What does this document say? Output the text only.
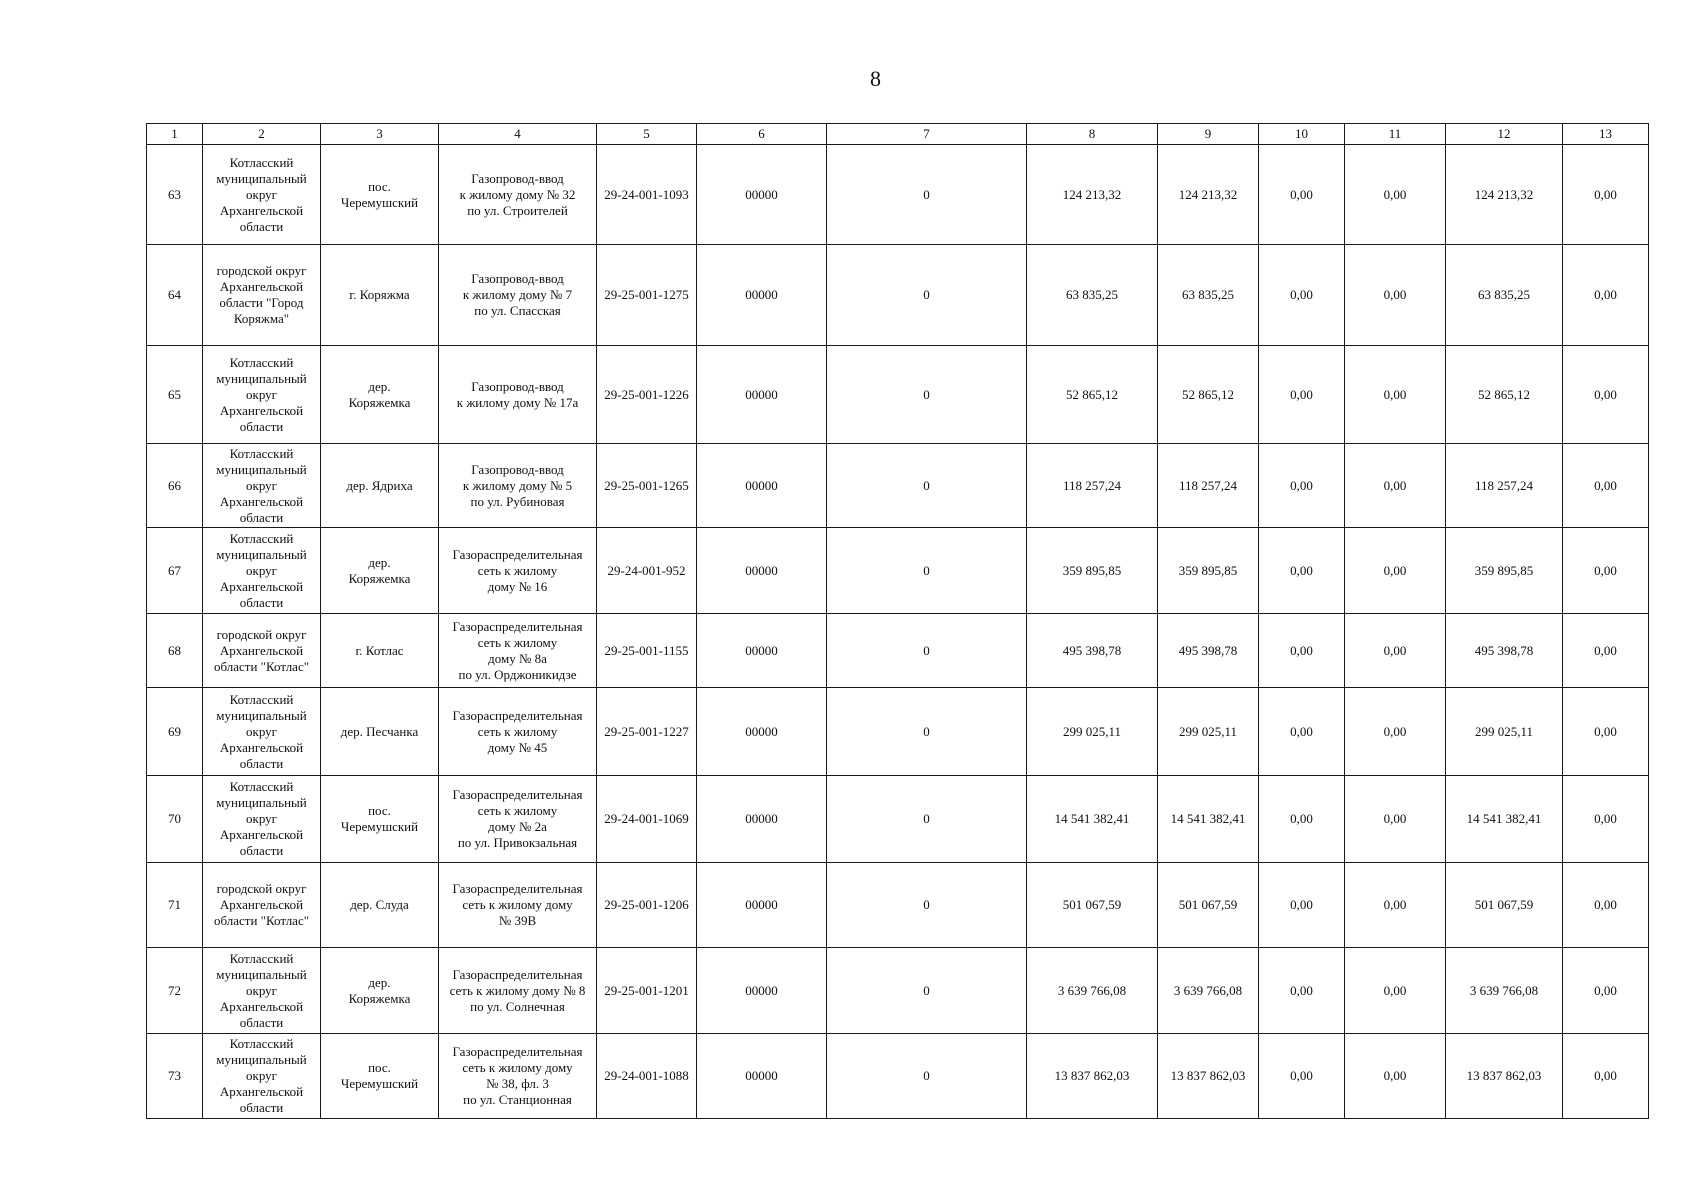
8
1	2	3	4	5	6	7	8	9	10	11	12	13
63	Котласский
муниципальный
округ
Архангельской
области	пос.
Черемушский	Газопровод-ввод
к жилому дому № 32
по ул. Строителей	29-24-001-1093	00000	0	124 213,32	124 213,32	0,00	0,00	124 213,32	0,00
64	городской округ
Архангельской
области "Город
Коряжма"	г. Коряжма	Газопровод-ввод
к жилому дому № 7
по ул. Спасская	29-25-001-1275	00000	0	63 835,25	63 835,25	0,00	0,00	63 835,25	0,00
65	Котласский
муниципальный
округ
Архангельской
области	дер.
Коряжемка	Газопровод-ввод
к жилому дому № 17а	29-25-001-1226	00000	0	52 865,12	52 865,12	0,00	0,00	52 865,12	0,00
66	Котласский
муниципальный
округ
Архангельской
области	дер. Ядриха	Газопровод-ввод
к жилому дому № 5
по ул. Рубиновая	29-25-001-1265	00000	0	118 257,24	118 257,24	0,00	0,00	118 257,24	0,00
67	Котласский
муниципальный
округ
Архангельской
области	дер.
Коряжемка	Газораспределительная
сеть к жилому
дому № 16	29-24-001-952	00000	0	359 895,85	359 895,85	0,00	0,00	359 895,85	0,00
68	городской округ
Архангельской
области "Котлас"	г. Котлас	Газораспределительная
сеть к жилому
дому № 8а
по ул. Орджоникидзе	29-25-001-1155	00000	0	495 398,78	495 398,78	0,00	0,00	495 398,78	0,00
69	Котласский
муниципальный
округ
Архангельской
области	дер. Песчанка	Газораспределительная
сеть к жилому
дому № 45	29-25-001-1227	00000	0	299 025,11	299 025,11	0,00	0,00	299 025,11	0,00
70	Котласский
муниципальный
округ
Архангельской
области	пос.
Черемушский	Газораспределительная
сеть к жилому
дому № 2а
по ул. Привокзальная	29-24-001-1069	00000	0	14 541 382,41	14 541 382,41	0,00	0,00	14 541 382,41	0,00
71	городской округ
Архангельской
области "Котлас"	дер. Слуда	Газораспределительная
сеть к жилому дому
№ 39В	29-25-001-1206	00000	0	501 067,59	501 067,59	0,00	0,00	501 067,59	0,00
72	Котласский
муниципальный
округ
Архангельской
области	дер.
Коряжемка	Газораспределительная
сеть к жилому дому № 8
по ул. Солнечная	29-25-001-1201	00000	0	3 639 766,08	3 639 766,08	0,00	0,00	3 639 766,08	0,00
73	Котласский
муниципальный
округ
Архангельской
области	пос.
Черемушский	Газораспределительная
сеть к жилому дому
№ 38, фл. 3
по ул. Станционная	29-24-001-1088	00000	0	13 837 862,03	13 837 862,03	0,00	0,00	13 837 862,03	0,00
